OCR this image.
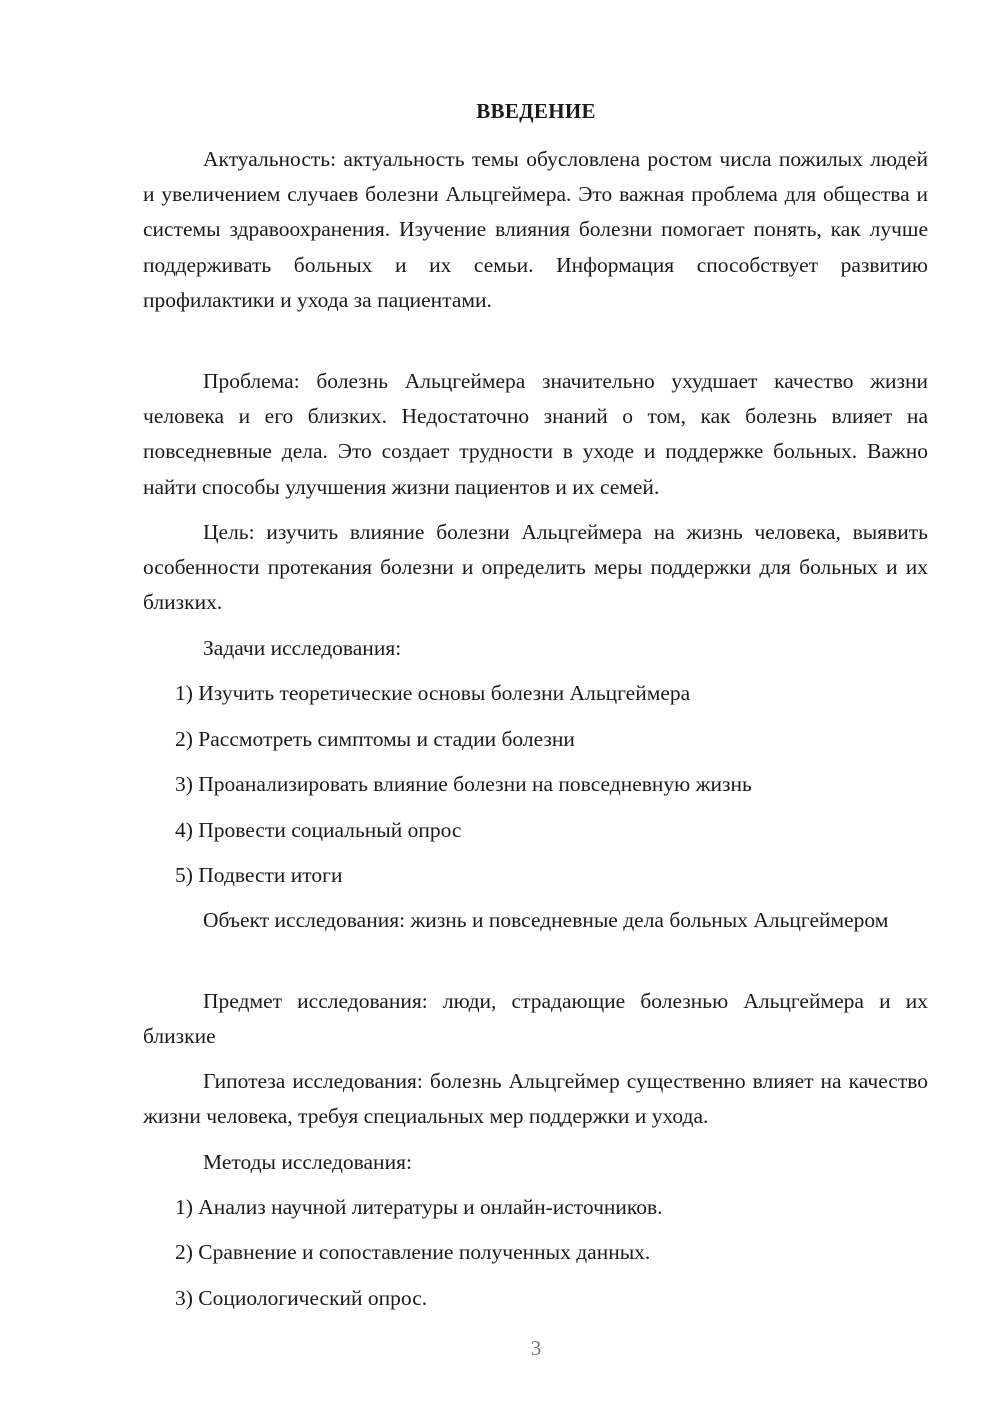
ВВЕДЕНИЕ

Актуальность: актуальность темы обусловлена ростом числа пожилых людей и увеличением случаев болезни Альцгеймера. Это важная проблема для общества и системы здравоохранения. Изучение влияния болезни помогает понять, как лучше поддерживать больных и их семьи. Информация способствует развитию профилактики и ухода за пациентами.

Проблема: болезнь Альцгеймера значительно ухудшает качество жизни человека и его близких. Недостаточно знаний о том, как болезнь влияет на повседневные дела. Это создает трудности в уходе и поддержке больных. Важно найти способы улучшения жизни пациентов и их семей.

Цель: изучить влияние болезни Альцгеймера на жизнь человека, выявить особенности протекания болезни и определить меры поддержки для больных и их близких.

Задачи исследования:

1) Изучить теоретические основы болезни Альцгеймера

2) Рассмотреть симптомы и стадии болезни

3) Проанализировать влияние болезни на повседневную жизнь

4) Провести социальный опрос

5) Подвести итоги

Объект исследования: жизнь и повседневные дела больных Альцгеймером

Предмет исследования: люди, страдающие болезнью Альцгеймера и их близкие

Гипотеза исследования: болезнь Альцгеймер существенно влияет на качество жизни человека, требуя специальных мер поддержки и ухода.

Методы исследования:

1) Анализ научной литературы и онлайн-источников.

2) Сравнение и сопоставление полученных данных.

3) Социологический опрос.

3
